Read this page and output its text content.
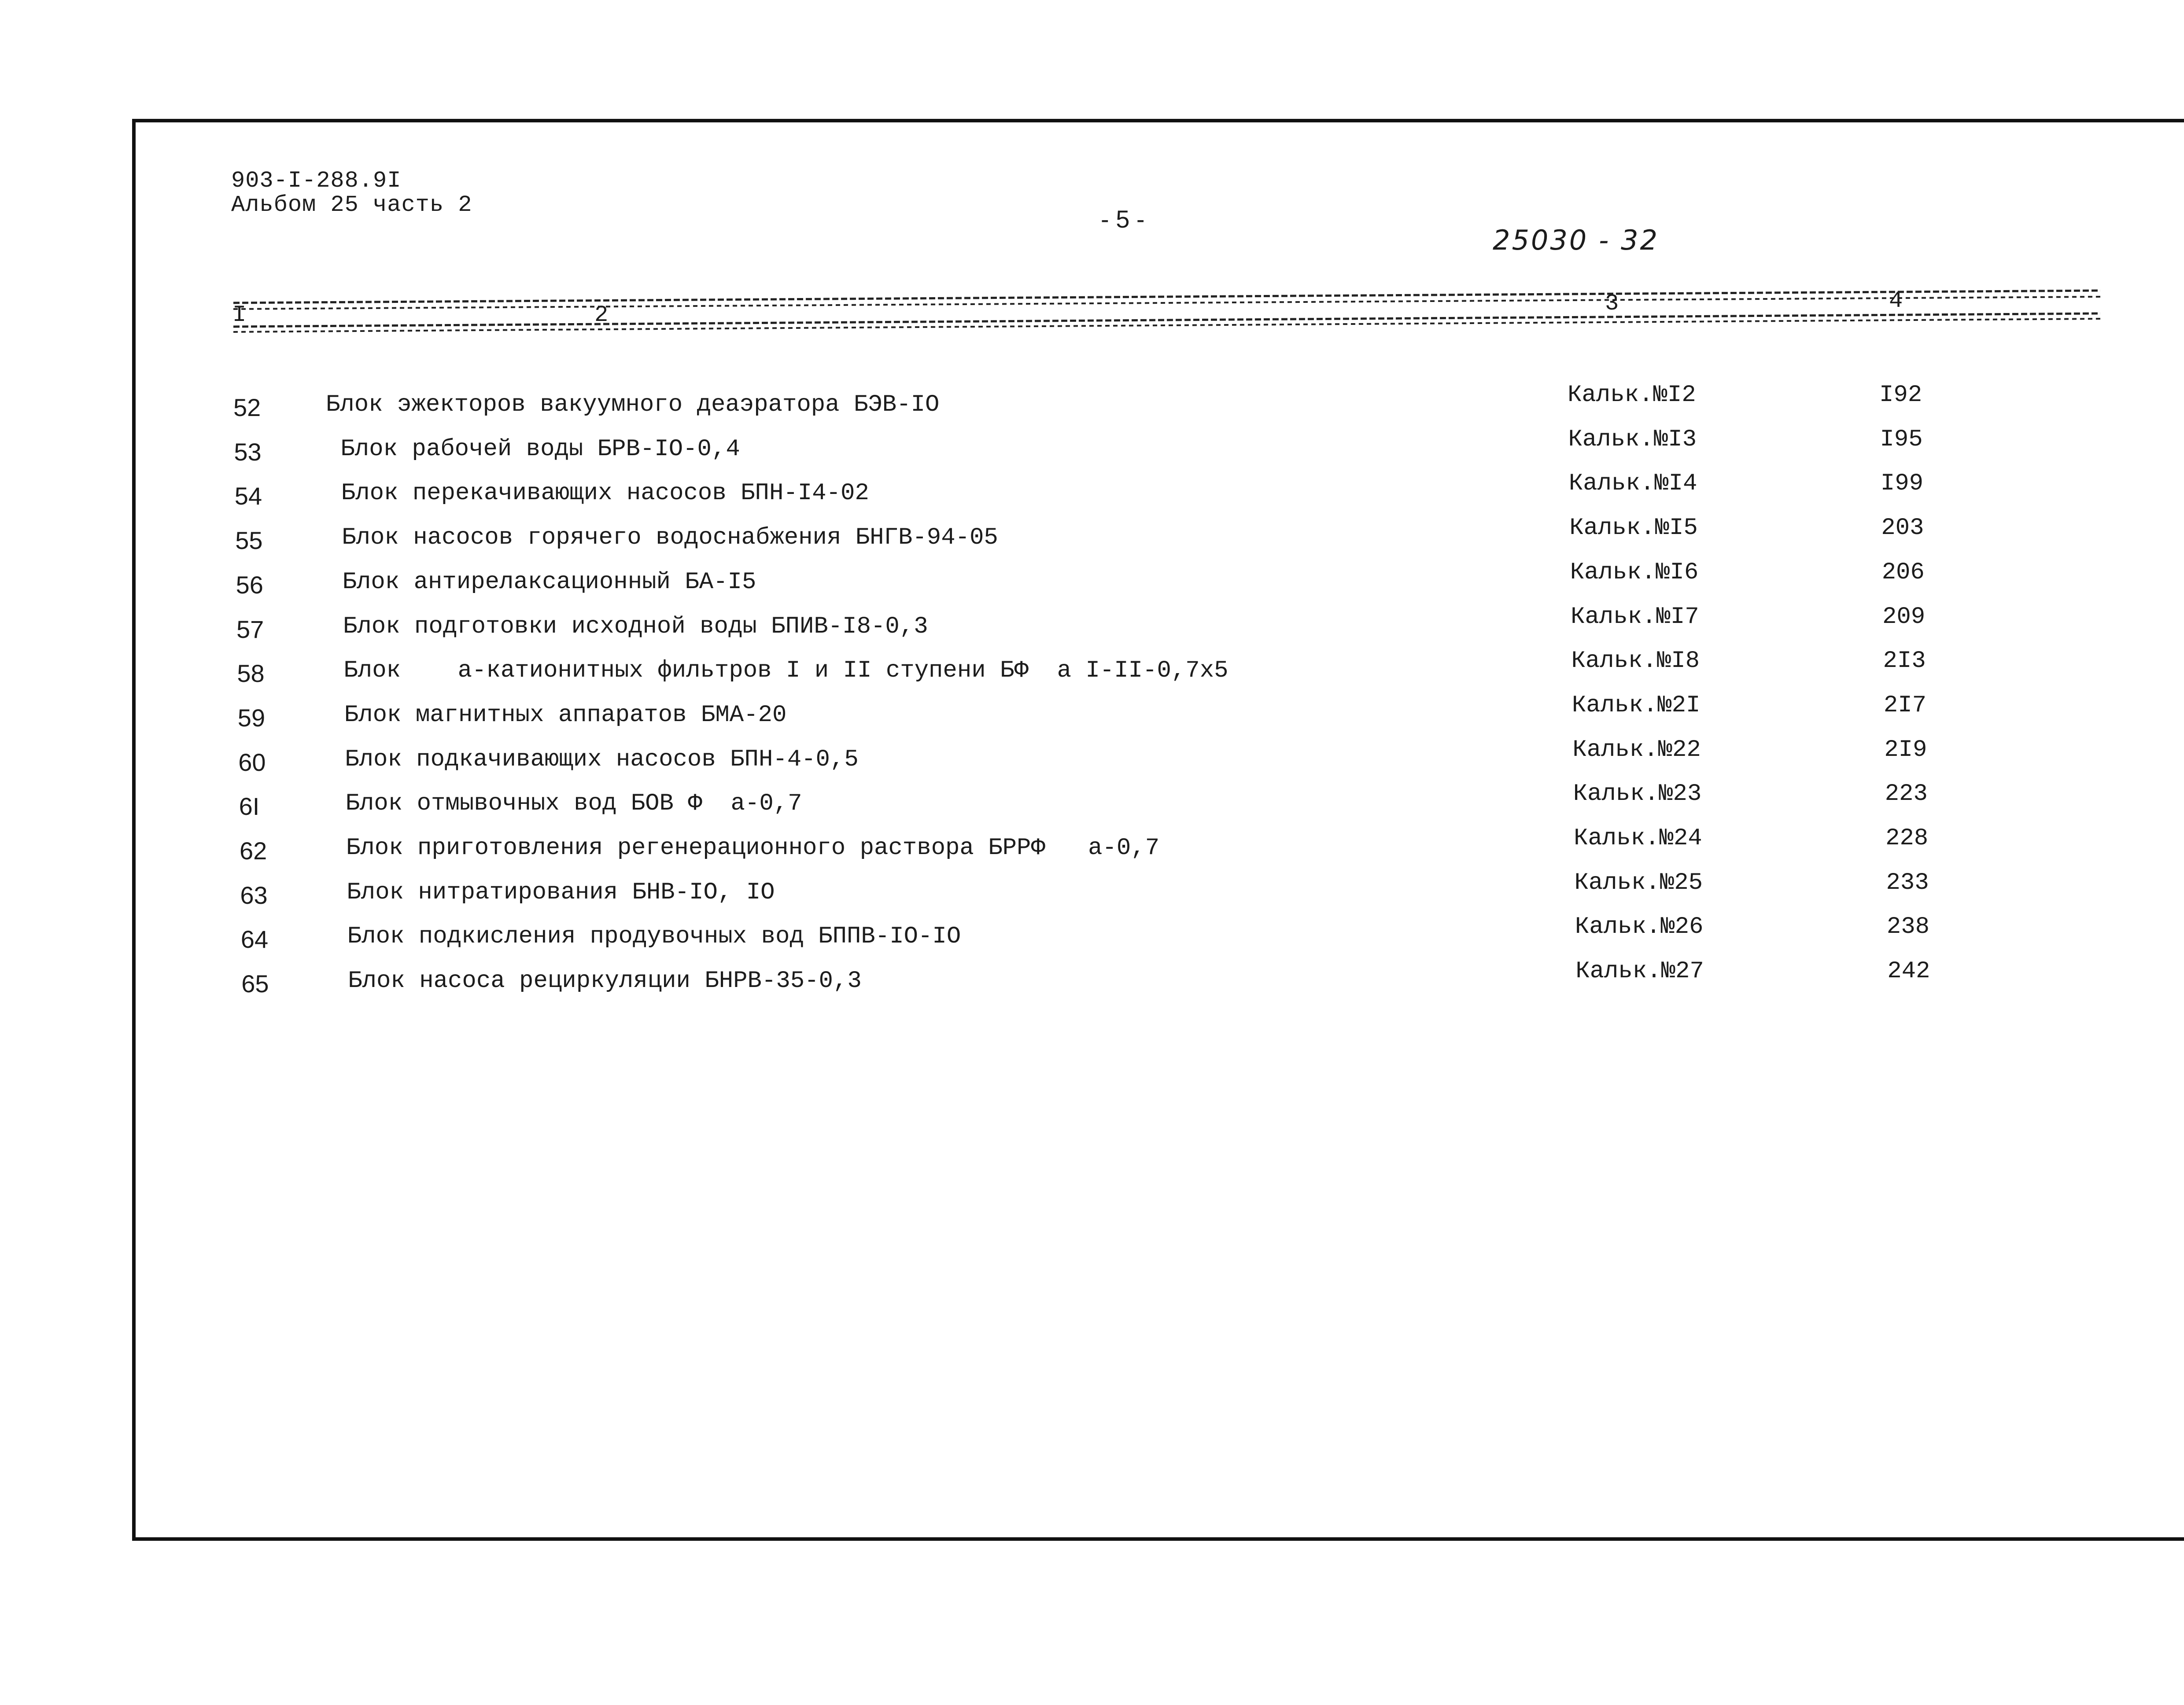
903-I-288.9I
Альбом 25 часть 2
- 5 -
25030 - 32
I	2	3	4
52	Блок эжекторов вакуумного деаэратора БЭВ-IО	Кальк.№I2	I92
53	Блок рабочей воды БРВ-IО-0,4	Кальк.№I3	I95
54	Блок перекачивающих насосов БПН-I4-02	Кальк.№I4	I99
55	Блок насосов горячего водоснабжения БНГВ-94-05	Кальк.№I5	203
56	Блок антирелаксационный БА-I5	Кальк.№I6	206
57	Блок подготовки исходной воды БПИВ-I8-0,3	Кальк.№I7	209
58	Блок    а-катионитных фильтров I и II ступени БФ  а I-II-0,7x5	Кальк.№I8	2I3
59	Блок магнитных аппаратов БМА-20	Кальк.№2I	2I7
60	Блок подкачивающих насосов БПН-4-0,5	Кальк.№22	2I9
6I	Блок отмывочных вод БОВ Ф  а-0,7	Кальк.№23	223
62	Блок приготовления регенерационного раствора БРРФ   а-0,7	Кальк.№24	228
63	Блок нитратирования БНВ-IО, IО	Кальк.№25	233
64	Блок подкисления продувочных вод БППВ-IО-IО	Кальк.№26	238
65	Блок насоса рециркуляции БНРВ-35-0,3	Кальк.№27	242
